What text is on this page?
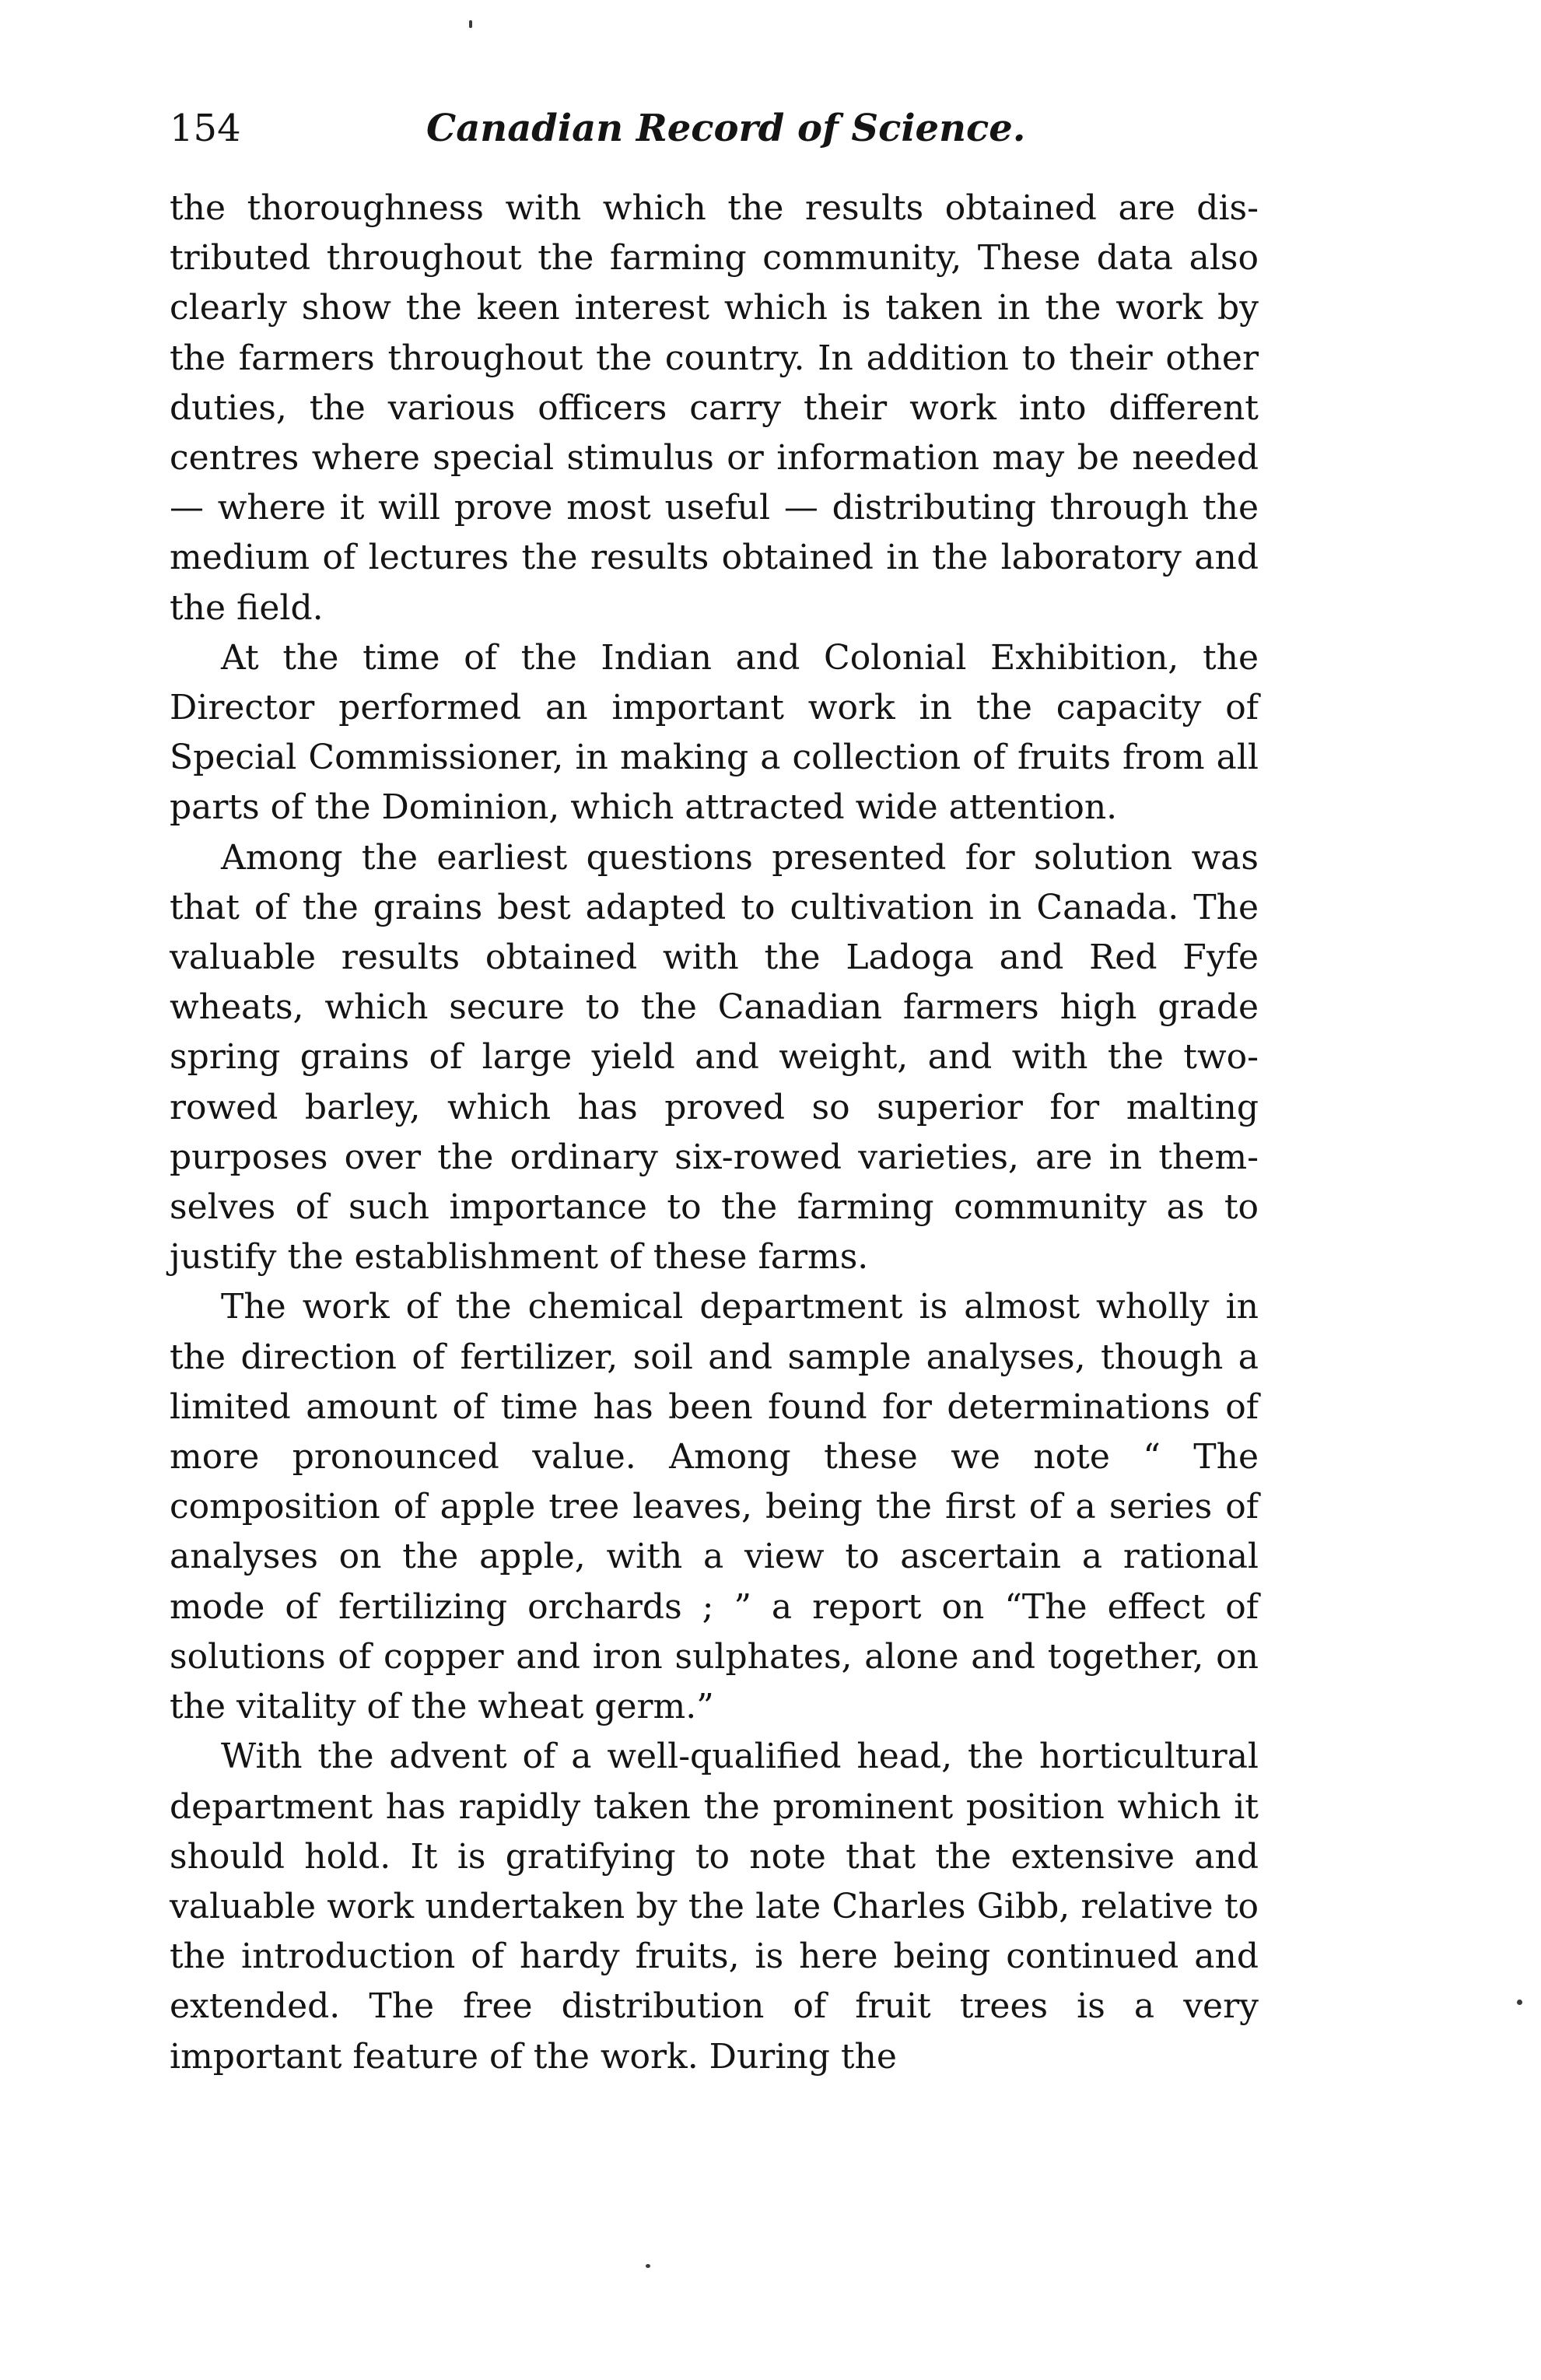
154	Canadian Record of Science.

the thoroughness with which the results obtained are distributed throughout the farming community, These data also clearly show the keen interest which is taken in the work by the farmers throughout the country. In addition to their other duties, the various officers carry their work into different centres where special stimulus or information may be needed — where it will prove most useful — distributing through the medium of lectures the results obtained in the laboratory and the field.

At the time of the Indian and Colonial Exhibition, the Director performed an important work in the capacity of Special Commissioner, in making a collection of fruits from all parts of the Dominion, which attracted wide attention.

Among the earliest questions presented for solution was that of the grains best adapted to cultivation in Canada. The valuable results obtained with the Ladoga and Red Fyfe wheats, which secure to the Canadian farmers high grade spring grains of large yield and weight, and with the two-rowed barley, which has proved so superior for malting purposes over the ordinary six-rowed varieties, are in themselves of such importance to the farming community as to justify the establishment of these farms.

The work of the chemical department is almost wholly in the direction of fertilizer, soil and sample analyses, though a limited amount of time has been found for determinations of more pronounced value. Among these we note “ The composition of apple tree leaves, being the first of a series of analyses on the apple, with a view to ascertain a rational mode of fertilizing orchards ; ” a report on “The effect of solutions of copper and iron sulphates, alone and together, on the vitality of the wheat germ.”

With the advent of a well-qualified head, the horticultural department has rapidly taken the prominent position which it should hold. It is gratifying to note that the extensive and valuable work undertaken by the late Charles Gibb, relative to the introduction of hardy fruits, is here being continued and extended. The free distribution of fruit trees is a very important feature of the work. During the
